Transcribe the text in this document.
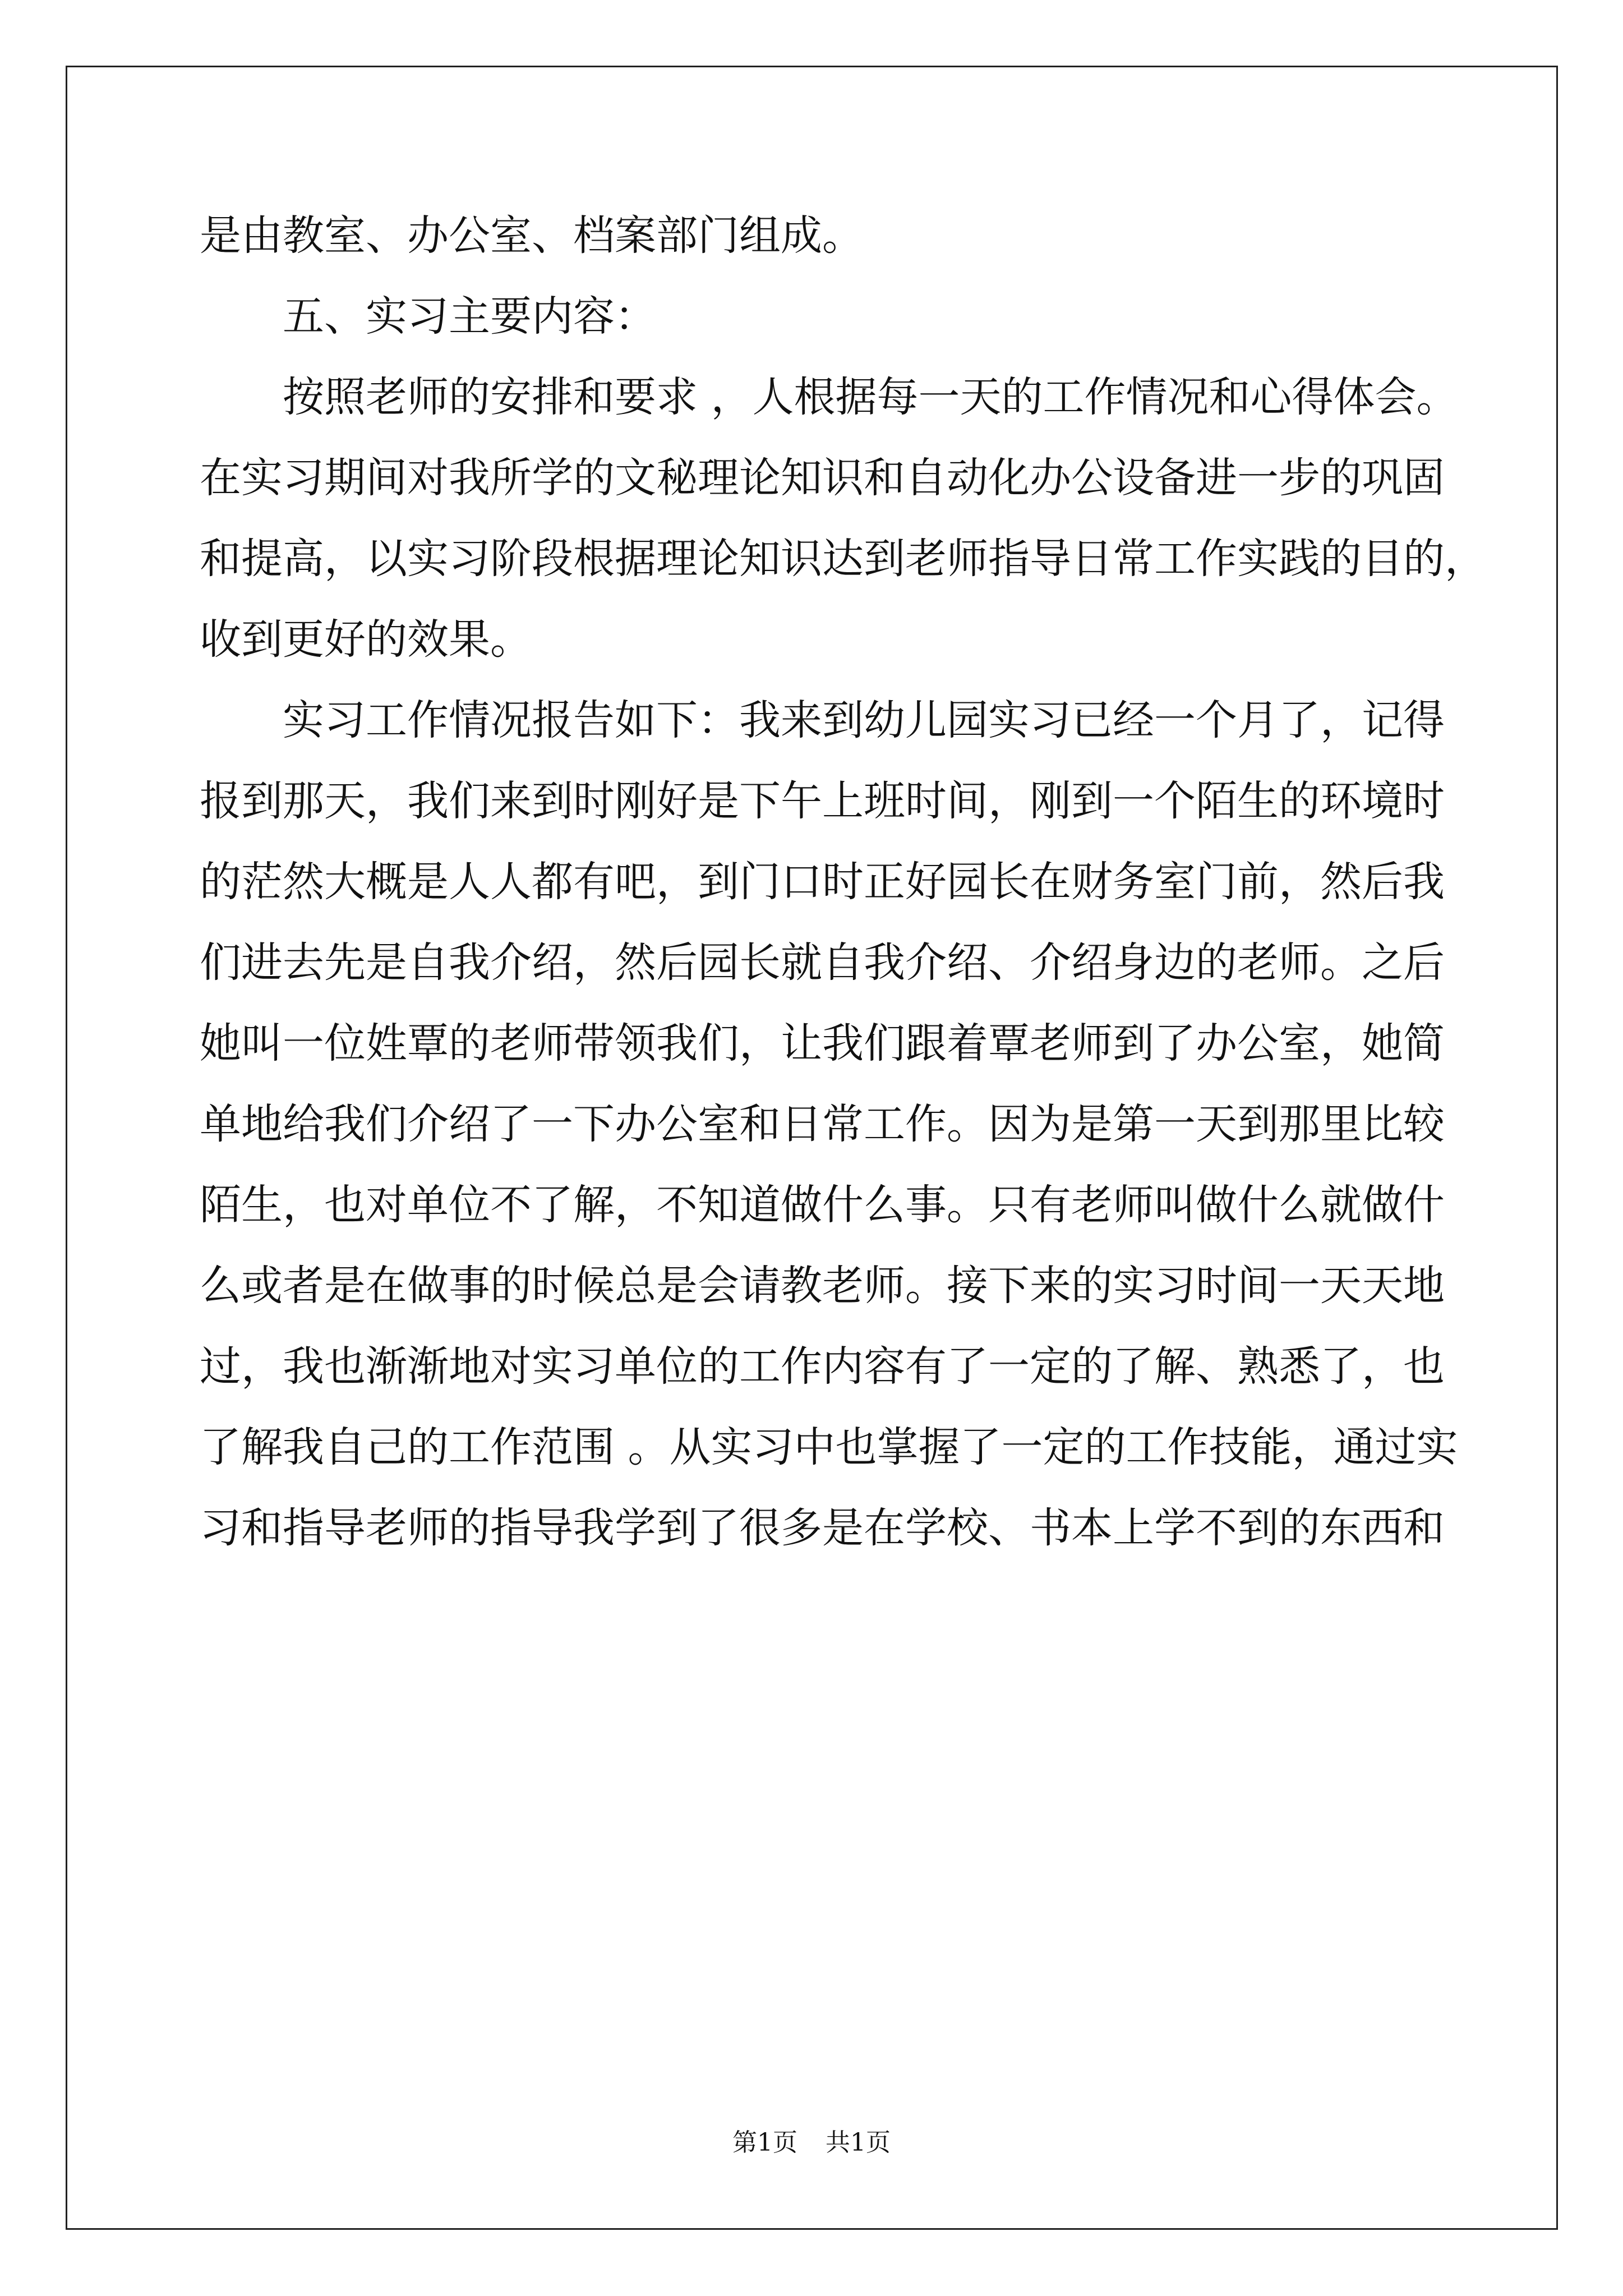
是由教室、办公室、档案部门组成。

五、实习主要内容：

按照老师的安排和要求 ，人根据每一天的工作情况和心得体会。

在实习期间对我所学的文秘理论知识和自动化办公设备进一步的巩固

和提高，以实习阶段根据理论知识达到老师指导日常工作实践的目的，

收到更好的效果。

实习工作情况报告如下：我来到幼儿园实习已经一个月了，记得

报到那天，我们来到时刚好是下午上班时间，刚到一个陌生的环境时

的茫然大概是人人都有吧，到门口时正好园长在财务室门前，然后我

们进去先是自我介绍，然后园长就自我介绍、介绍身边的老师。之后

她叫一位姓覃的老师带领我们，让我们跟着覃老师到了办公室，她简

单地给我们介绍了一下办公室和日常工作。因为是第一天到那里比较

陌生，也对单位不了解，不知道做什么事。只有老师叫做什么就做什

么或者是在做事的时候总是会请教老师。接下来的实习时间一天天地

过，我也渐渐地对实习单位的工作内容有了一定的了解、熟悉了，也

了解我自己的工作范围 。从实习中也掌握了一定的工作技能，通过实

习和指导老师的指导我学到了很多是在学校、书本上学不到的东西和

第1页 共1页
